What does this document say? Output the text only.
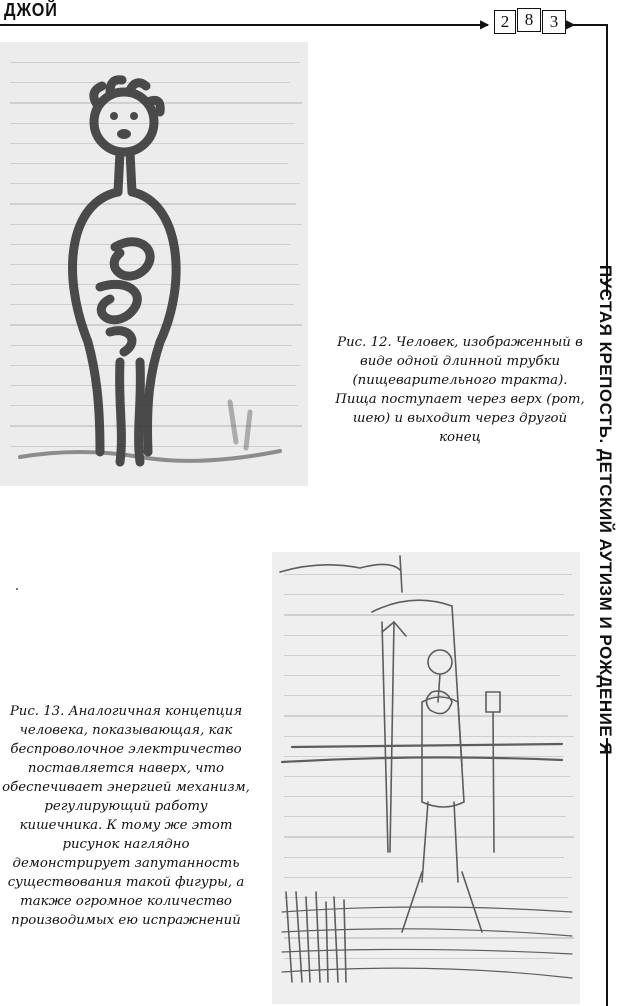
ДЖОЙ
▶ 2 8 3 ▶
ПУСТАЯ КРЕПОСТЬ. ДЕТСКИЙ АУТИЗМ И РОЖДЕНИЕ Я
Рис. 12. Человек, изображенный в виде одной длинной трубки (пищеварительного тракта). Пища поступает через верх (рот, шею) и выходит через другой конец
Рис. 13. Аналогичная концепция человека, показывающая, как беспроволочное электричество поставляется наверх, что обеспечивает энергией механизм, регулирующий работу кишечника. К тому же этот рисунок наглядно демонстрирует запутанность существования такой фигуры, а также огромное количество производимых ею испражнений
